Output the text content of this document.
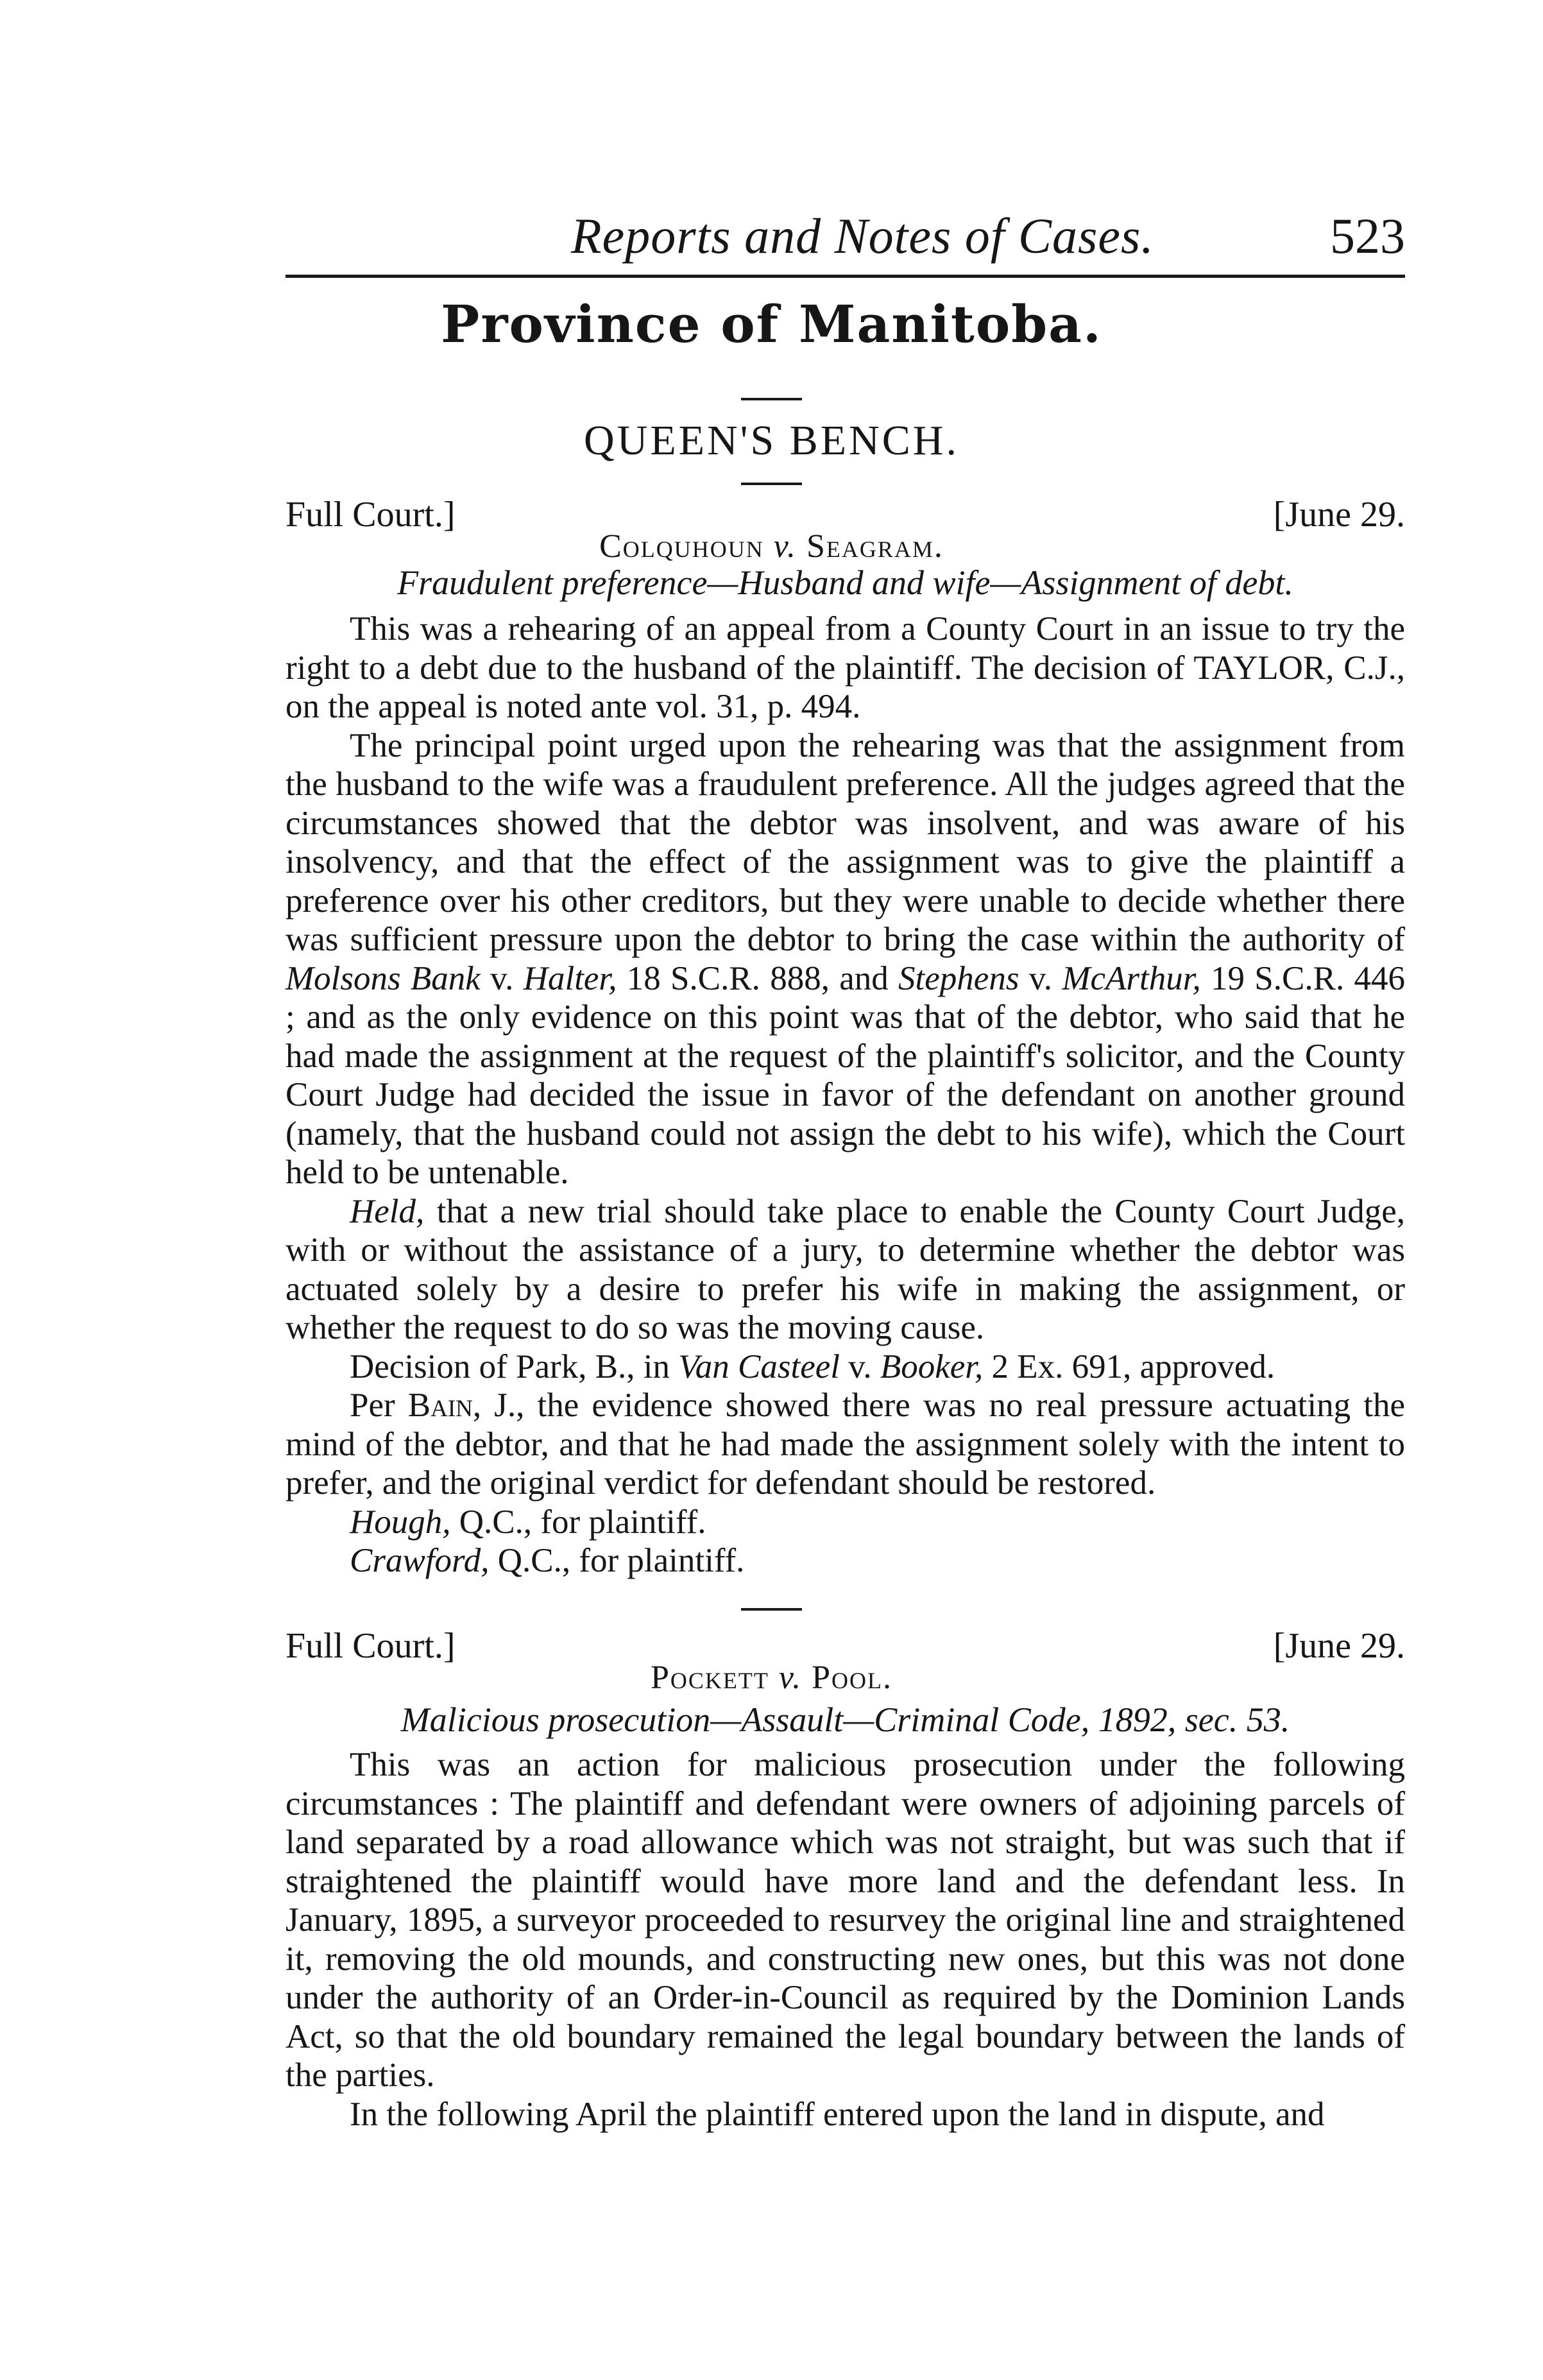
Reports and Notes of Cases.	523
Province of Manitoba.
QUEEN'S BENCH.
Full Court.]	[June 29.
Colquhoun v. Seagram.
Fraudulent preference—Husband and wife—Assignment of debt.

This was a rehearing of an appeal from a County Court in an issue to try the right to a debt due to the husband of the plaintiff. The decision of TAYLOR, C.J., on the appeal is noted ante vol. 31, p. 494.

The principal point urged upon the rehearing was that the assignment from the husband to the wife was a fraudulent preference. All the judges agreed that the circumstances showed that the debtor was insolvent, and was aware of his insolvency, and that the effect of the assignment was to give the plaintiff a preference over his other creditors, but they were unable to decide whether there was sufficient pressure upon the debtor to bring the case within the authority of Molsons Bank v. Halter, 18 S.C.R. 888, and Stephens v. McArthur, 19 S.C.R. 446 ; and as the only evidence on this point was that of the debtor, who said that he had made the assignment at the request of the plaintiff's solicitor, and the County Court Judge had decided the issue in favor of the defendant on another ground (namely, that the husband could not assign the debt to his wife), which the Court held to be untenable.

Held, that a new trial should take place to enable the County Court Judge, with or without the assistance of a jury, to determine whether the debtor was actuated solely by a desire to prefer his wife in making the assignment, or whether the request to do so was the moving cause.

Decision of Park, B., in Van Casteel v. Booker, 2 Ex. 691, approved.

Per Bain, J., the evidence showed there was no real pressure actuating the mind of the debtor, and that he had made the assignment solely with the intent to prefer, and the original verdict for defendant should be restored.

Hough, Q.C., for plaintiff.

Crawford, Q.C., for plaintiff.

Full Court.]	[June 29.
Pockett v. Pool.
Malicious prosecution—Assault—Criminal Code, 1892, sec. 53.

This was an action for malicious prosecution under the following circumstances : The plaintiff and defendant were owners of adjoining parcels of land separated by a road allowance which was not straight, but was such that if straightened the plaintiff would have more land and the defendant less. In January, 1895, a surveyor proceeded to resurvey the original line and straightened it, removing the old mounds, and constructing new ones, but this was not done under the authority of an Order-in-Council as required by the Dominion Lands Act, so that the old boundary remained the legal boundary between the lands of the parties.

In the following April the plaintiff entered upon the land in dispute, and
